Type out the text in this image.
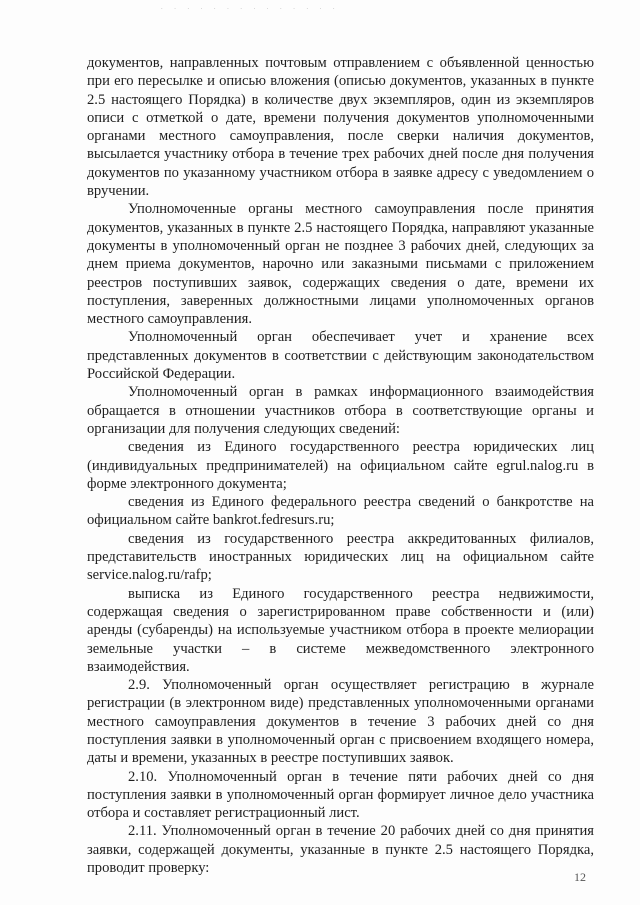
. . . . . . . . . . . . . .

документов, направленных почтовым отправлением с объявленной ценностью при его пересылке и описью вложения (описью документов, указанных в пункте 2.5 настоящего Порядка) в количестве двух экземпляров, один из экземпляров описи с отметкой о дате, времени получения документов уполномоченными органами местного самоуправления, после сверки наличия документов, высылается участнику отбора в течение трех рабочих дней после дня получения документов по указанному участником отбора в заявке адресу с уведомлением о вручении.

Уполномоченные органы местного самоуправления после принятия документов, указанных в пункте 2.5 настоящего Порядка, направляют указанные документы в уполномоченный орган не позднее 3 рабочих дней, следующих за днем приема документов, нарочно или заказными письмами с приложением реестров поступивших заявок, содержащих сведения о дате, времени их поступления, заверенных должностными лицами уполномоченных органов местного самоуправления.

Уполномоченный орган обеспечивает учет и хранение всех представленных документов в соответствии с действующим законодательством Российской Федерации.

Уполномоченный орган в рамках информационного взаимодействия обращается в отношении участников отбора в соответствующие органы и организации для получения следующих сведений:

сведения из Единого государственного реестра юридических лиц (индивидуальных предпринимателей) на официальном сайте egrul.nalog.ru в форме электронного документа;

сведения из Единого федерального реестра сведений о банкротстве на официальном сайте bankrot.fedresurs.ru;

сведения из государственного реестра аккредитованных филиалов, представительств иностранных юридических лиц на официальном сайте service.nalog.ru/rafp;

выписка из Единого государственного реестра недвижимости, содержащая сведения о зарегистрированном праве собственности и (или) аренды (субаренды) на используемые участником отбора в проекте мелиорации земельные участки – в системе межведомственного электронного взаимодействия.

2.9. Уполномоченный орган осуществляет регистрацию в журнале регистрации (в электронном виде) представленных уполномоченными органами местного самоуправления документов в течение 3 рабочих дней со дня поступления заявки в уполномоченный орган с присвоением входящего номера, даты и времени, указанных в реестре поступивших заявок.

2.10. Уполномоченный орган в течение пяти рабочих дней со дня поступления заявки в уполномоченный орган формирует личное дело участника отбора и составляет регистрационный лист.

2.11. Уполномоченный орган в течение 20 рабочих дней со дня принятия заявки, содержащей документы, указанные в пункте 2.5 настоящего Порядка, проводит проверку:

12
